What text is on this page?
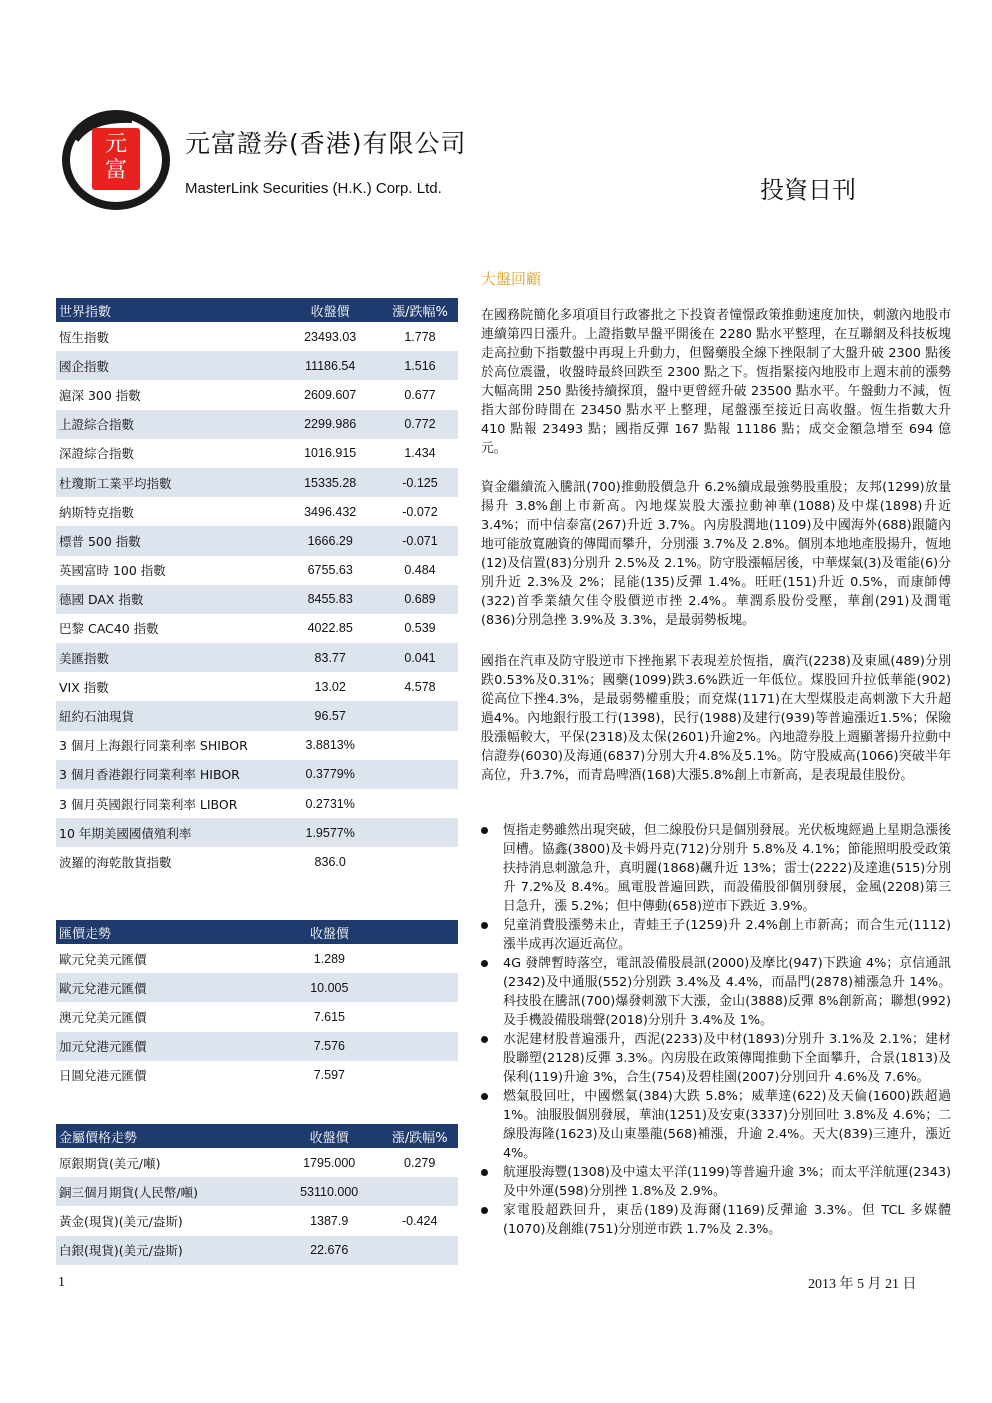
元富
元富證券(香港)有限公司
MasterLink Securities (H.K.) Corp. Ltd.	投資日刊
世界指數	收盤價	漲/跌幅%
恆生指數	23493.03	1.778
國企指數	11186.54	1.516
滬深 300 指數	2609.607	0.677
上證綜合指數	2299.986	0.772
深證綜合指數	1016.915	1.434
杜瓊斯工業平均指數	15335.28	-0.125
納斯特克指數	3496.432	-0.072
標普 500 指數	1666.29	-0.071
英國富時 100 指數	6755.63	0.484
德國 DAX 指數	8455.83	0.689
巴黎 CAC40 指數	4022.85	0.539
美匯指數	83.77	0.041
VIX 指數	13.02	4.578
紐約石油現貨	96.57	
3 個月上海銀行同業利率 SHIBOR	3.8813%	
3 個月香港銀行同業利率 HIBOR	0.3779%	
3 個月英國銀行同業利率 LIBOR	0.2731%	
10 年期美國國債殖利率	1.9577%	
波羅的海乾散貨指數	836.0	
匯價走勢	收盤價	
歐元兌美元匯價	1.289	
歐元兌港元匯價	10.005	
澳元兌美元匯價	7.615	
加元兌港元匯價	7.576	
日圓兌港元匯價	7.597	
金屬價格走勢	收盤價	漲/跌幅%
原銀期貨(美元/噸)	1795.000	0.279
銅三個月期貨(人民幣/噸)	53110.000	
黃金(現貨)(美元/盎斯)	1387.9	-0.424
白銀(現貨)(美元/盎斯)	22.676	
大盤回顧
在國務院簡化多項項目行政審批之下投資者憧憬政策推動速度加快，刺激內地股市連續第四日漲升。上證指數早盤平開後在 2280 點水平整理，在互聯網及科技板塊走高拉動下指數盤中再現上升動力，但醫藥股全線下挫限制了大盤升破 2300 點後於高位震盪，收盤時最終回跌至 2300 點之下。恆指緊接內地股市上週末前的漲勢大幅高開 250 點後持續探頂，盤中更曾經升破 23500 點水平。午盤動力不減，恆指大部份時間在 23450 點水平上整理，尾盤漲至接近日高收盤。恆生指數大升 410 點報 23493 點；國指反彈 167 點報 11186 點；成交金額急增至 694 億元。
資金繼續流入騰訊(700)推動股價急升 6.2%續成最強勢股重股；友邦(1299)放量揚升 3.8%創上市新高。內地煤炭股大漲拉動神華(1088)及中煤(1898)升近 3.4%；而中信泰富(267)升近 3.7%。內房股潤地(1109)及中國海外(688)跟隨內地可能放寬融資的傳聞而攀升，分別漲 3.7%及 2.8%。個別本地地產股揚升，恆地(12)及信置(83)分別升 2.5%及 2.1%。防守股漲幅居後，中華煤氣(3)及電能(6)分別升近 2.3%及 2%；昆能(135)反彈 1.4%。旺旺(151)升近 0.5%，而康師傅(322)首季業績欠佳令股價逆市挫 2.4%。華潤系股份受壓，華創(291)及潤電(836)分別急挫 3.9%及 3.3%，是最弱勢板塊。
國指在汽車及防守股逆市下挫拖累下表現差於恆指，廣汽(2238)及東風(489)分別跌0.53%及0.31%；國藥(1099)跌3.6%跌近一年低位。煤股回升拉低華能(902)從高位下挫4.3%，是最弱勢權重股；而兗煤(1171)在大型煤股走高刺激下大升超過4%。內地銀行股工行(1398)，民行(1988)及建行(939)等普遍漲近1.5%；保險股漲幅較大，平保(2318)及太保(2601)升逾2%。內地證券股上週顯著揚升拉動中信證券(6030)及海通(6837)分別大升4.8%及5.1%。防守股威高(1066)突破半年高位，升3.7%，而青島啤酒(168)大漲5.8%創上市新高，是表現最佳股份。
恆指走勢雖然出現突破，但二線股份只是個別發展。光伏板塊經過上星期急漲後回槽。協鑫(3800)及卡姆丹克(712)分別升 5.8%及 4.1%；節能照明股受政策扶持消息刺激急升，真明麗(1868)飆升近 13%；雷士(2222)及達進(515)分別升 7.2%及 8.4%。風電股普遍回跌，而設備股卻個別發展，金風(2208)第三日急升，漲 5.2%；但中傳動(658)逆市下跌近 3.9%。
兒童消費股漲勢未止，青蛙王子(1259)升 2.4%創上市新高；而合生元(1112)漲半成再次逼近高位。
4G 發牌暫時落空，電訊設備股晨訊(2000)及摩比(947)下跌逾 4%；京信通訊(2342)及中通服(552)分別跌 3.4%及 4.4%，而晶門(2878)補漲急升 14%。科技股在騰訊(700)爆發刺激下大漲，金山(3888)反彈 8%創新高；聯想(992)及手機設備股瑞聲(2018)分別升 3.4%及 1%。
水泥建材股普遍漲升，西泥(2233)及中材(1893)分別升 3.1%及 2.1%；建材股聯塑(2128)反彈 3.3%。內房股在政策傳聞推動下全面攀升，合景(1813)及保利(119)升逾 3%，合生(754)及碧桂園(2007)分別回升 4.6%及 7.6%。
燃氣股回吐，中國燃氣(384)大跌 5.8%；威華達(622)及天倫(1600)跌超過 1%。油服股個別發展，華油(1251)及安東(3337)分別回吐 3.8%及 4.6%；二線股海隆(1623)及山東墨龍(568)補漲，升逾 2.4%。天大(839)三連升，漲近 4%。
航運股海豐(1308)及中遠太平洋(1199)等普遍升逾 3%；而太平洋航運(2343)及中外運(598)分別挫 1.8%及 2.9%。
家電股超跌回升，東岳(189)及海爾(1169)反彈逾 3.3%。但 TCL 多媒體(1070)及創維(751)分別逆市跌 1.7%及 2.3%。
1	2013 年 5 月 21 日
